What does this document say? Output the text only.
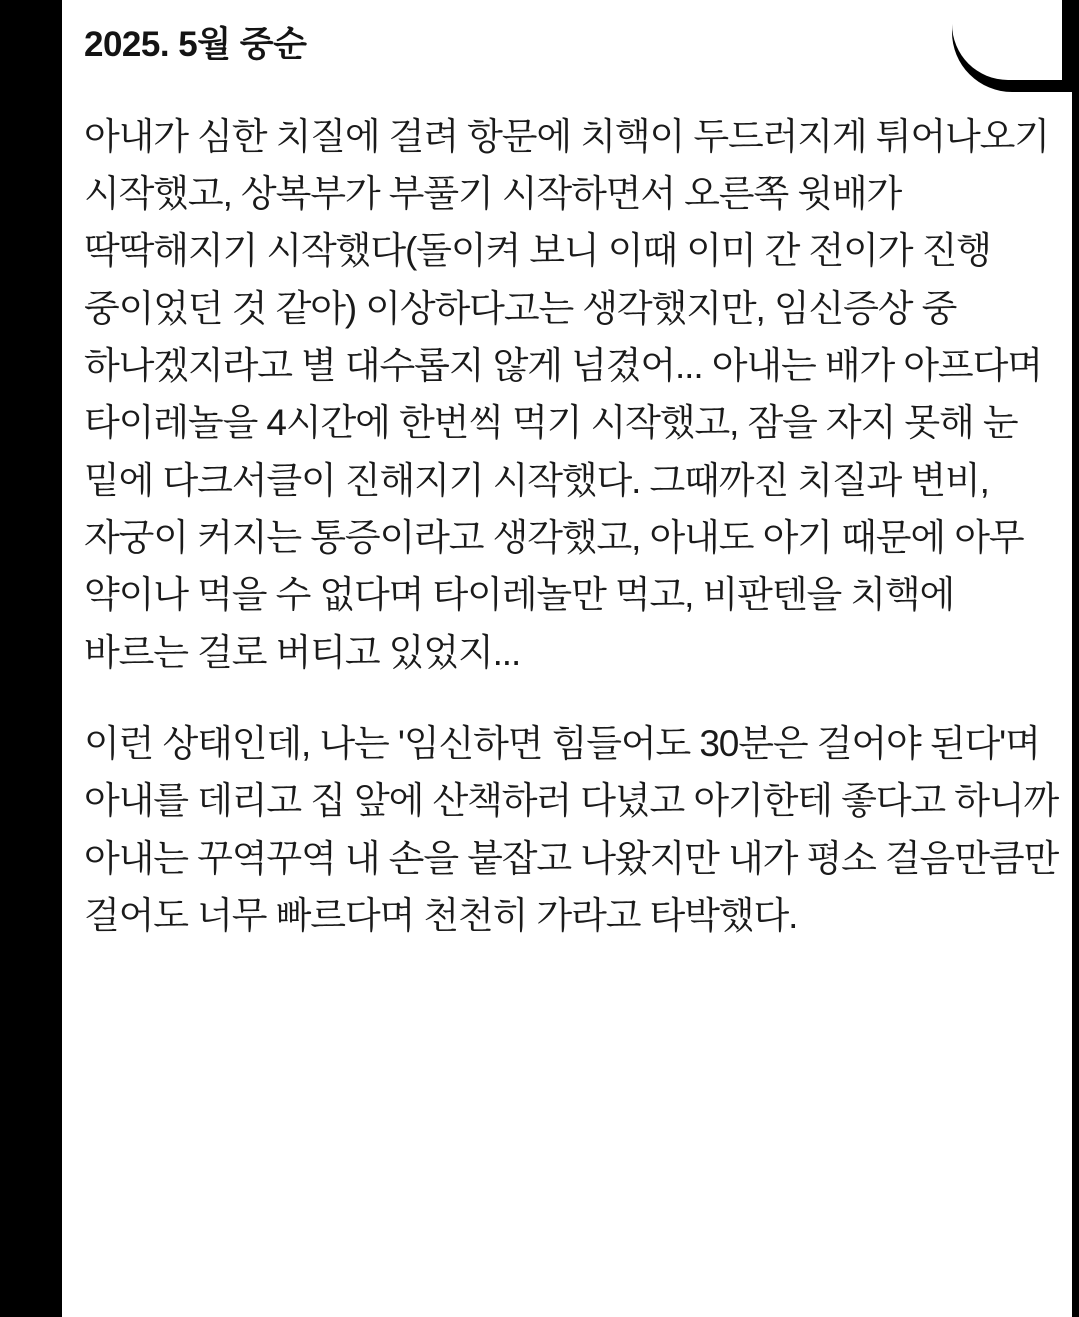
2025. 5월 중순

아내가 심한 치질에 걸려 항문에 치핵이 두드러지게 튀어나오기 시작했고, 상복부가 부풀기 시작하면서 오른쪽 윗배가 딱딱해지기 시작했다(돌이켜 보니 이때 이미 간 전이가 진행 중이었던 것 같아) 이상하다고는 생각했지만, 임신증상 중 하나겠지라고 별 대수롭지 않게 넘겼어... 아내는 배가 아프다며 타이레놀을 4시간에 한번씩 먹기 시작했고, 잠을 자지 못해 눈 밑에 다크서클이 진해지기 시작했다. 그때까진 치질과 변비, 자궁이 커지는 통증이라고 생각했고, 아내도 아기 때문에 아무 약이나 먹을 수 없다며 타이레놀만 먹고, 비판텐을 치핵에 바르는 걸로 버티고 있었지...

이런 상태인데, 나는 '임신하면 힘들어도 30분은 걸어야 된다'며 아내를 데리고 집 앞에 산책하러 다녔고 아기한테 좋다고 하니까 아내는 꾸역꾸역 내 손을 붙잡고 나왔지만 내가 평소 걸음만큼만 걸어도 너무 빠르다며 천천히 가라고 타박했다.
